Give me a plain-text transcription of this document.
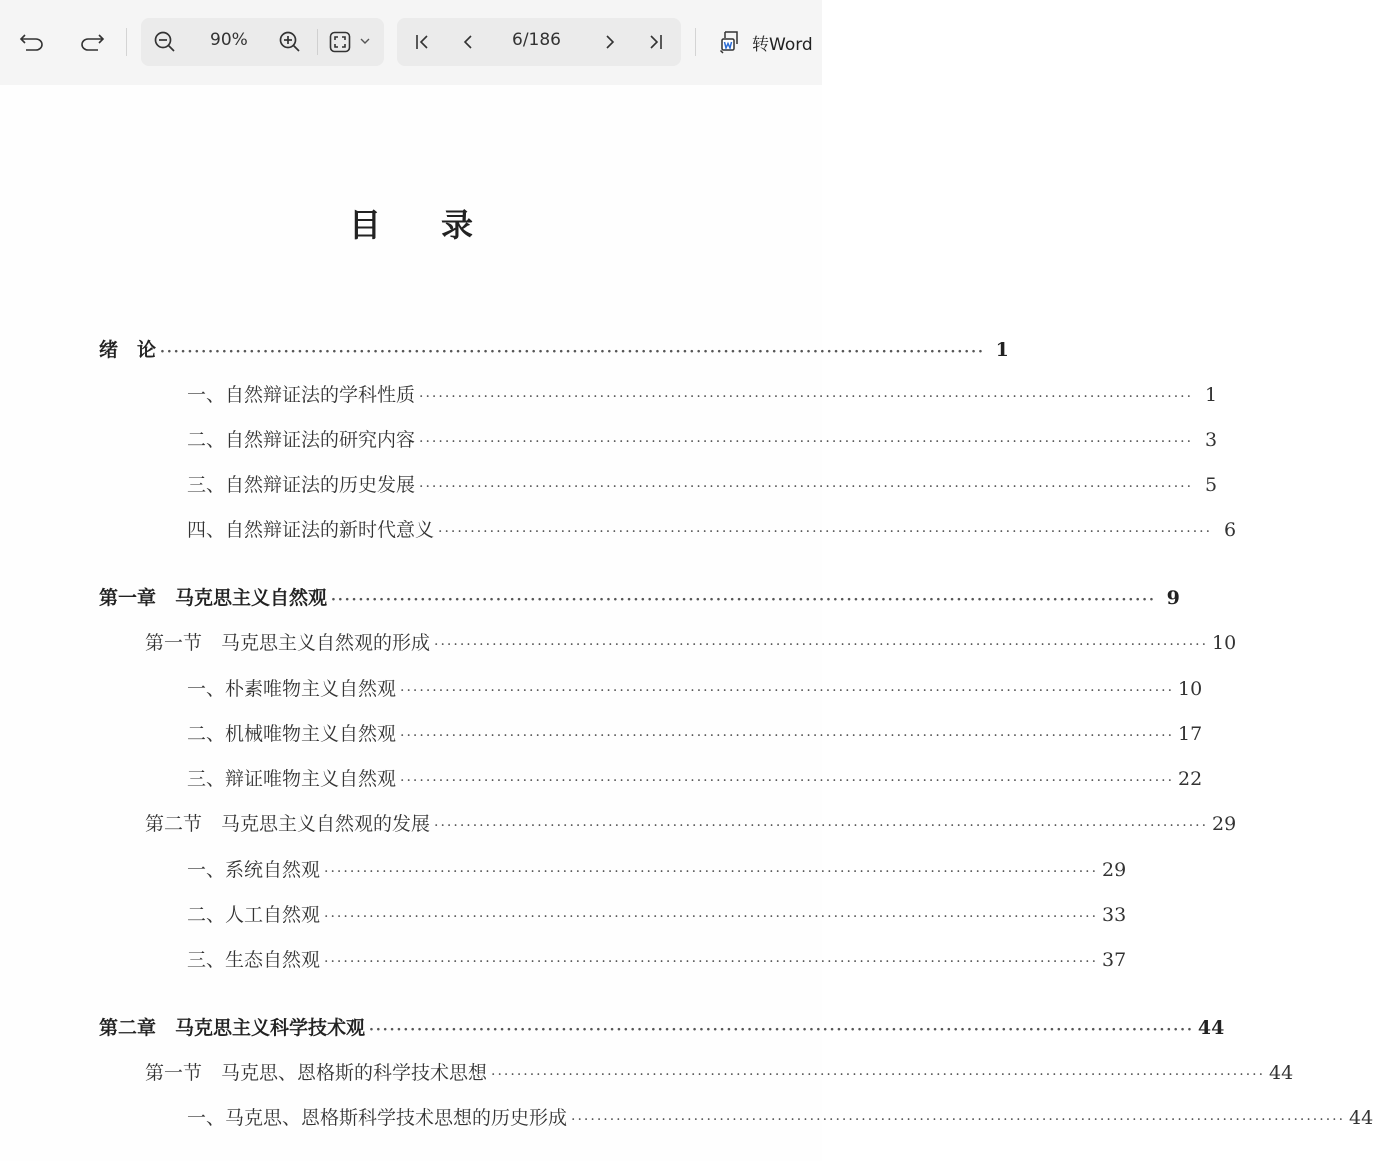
90%	6/186	转Word
目 录
绪　论 ························································································································ 1
一、自然辩证法的学科性质 ························································································································ 1
二、自然辩证法的研究内容 ························································································································ 3
三、自然辩证法的历史发展 ························································································································ 5
四、自然辩证法的新时代意义 ························································································································ 6
第一章　马克思主义自然观 ························································································································ 9
第一节　马克思主义自然观的形成 ························································································································ 10
一、朴素唯物主义自然观 ························································································································ 10
二、机械唯物主义自然观 ························································································································ 17
三、辩证唯物主义自然观 ························································································································ 22
第二节　马克思主义自然观的发展 ························································································································ 29
一、系统自然观 ························································································································ 29
二、人工自然观 ························································································································ 33
三、生态自然观 ························································································································ 37
第二章　马克思主义科学技术观 ························································································································ 44
第一节　马克思、恩格斯的科学技术思想 ························································································································ 44
一、马克思、恩格斯科学技术思想的历史形成 ························································································································ 44
